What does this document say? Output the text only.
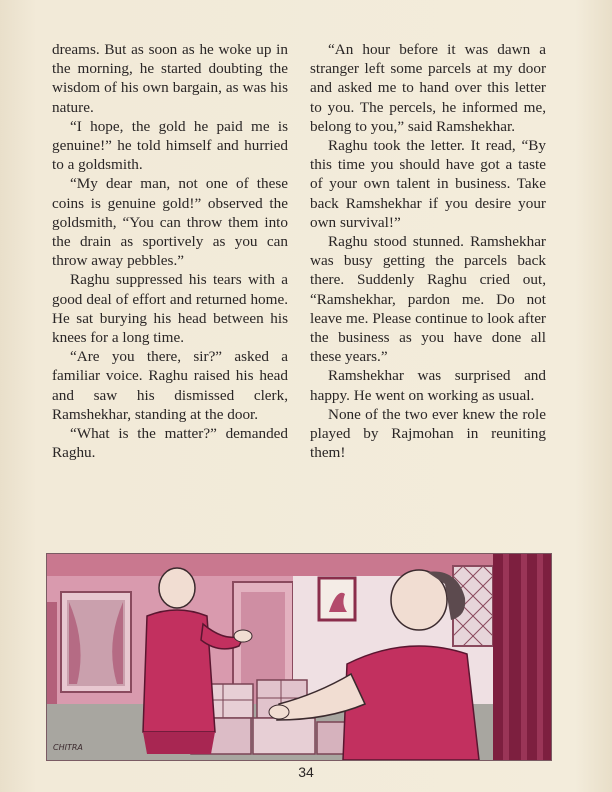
dreams. But as soon as he woke up in the morning, he started doubting the wisdom of his own bargain, as was his nature.

“I hope, the gold he paid me is genuine!” he told himself and hurried to a goldsmith.

“My dear man, not one of these coins is genuine gold!” observed the goldsmith, “You can throw them into the drain as sportively as you can throw away pebbles.”

Raghu suppressed his tears with a good deal of effort and returned home. He sat burying his head between his knees for a long time.

“Are you there, sir?” asked a familiar voice. Raghu raised his head and saw his dismissed clerk, Ramshekhar, standing at the door.

“What is the matter?” demanded Raghu.

“An hour before it was dawn a stranger left some parcels at my door and asked me to hand over this letter to you. The percels, he informed me, belong to you,” said Ramshekhar.

Raghu took the letter. It read, “By this time you should have got a taste of your own talent in business. Take back Ramshekhar if you desire your own survival!”

Raghu stood stunned. Ramshekhar was busy getting the parcels back there. Suddenly Raghu cried out, “Ramshekhar, pardon me. Do not leave me. Please continue to look after the business as you have done all these years.”

Ramshekhar was surprised and happy. He went on working as usual.

None of the two ever knew the role played by Rajmohan in reuniting them!

CHITRA
34
